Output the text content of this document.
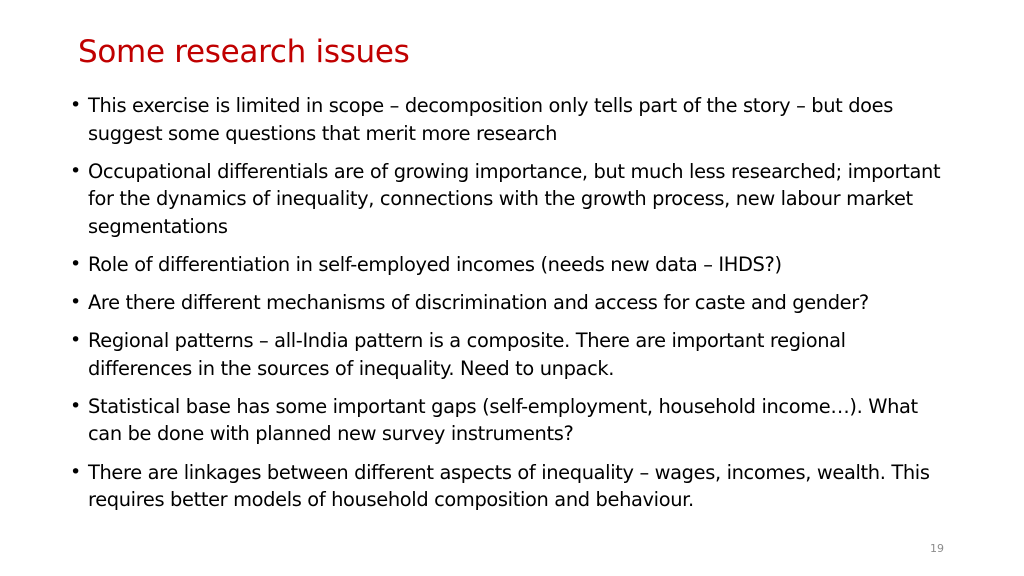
Some research issues
• This exercise is limited in scope – decomposition only tells part of the story – but does suggest some questions that merit more research
• Occupational differentials are of growing importance, but much less researched; important for the dynamics of inequality, connections with the growth process, new labour market segmentations
• Role of differentiation in self-employed incomes (needs new data – IHDS?)
• Are there different mechanisms of discrimination and access for caste and gender?
• Regional patterns – all-India pattern is a composite. There are important regional differences in the sources of inequality. Need to unpack.
• Statistical base has some important gaps (self-employment, household income…). What can be done with planned new survey instruments?
• There are linkages between different aspects of inequality – wages, incomes, wealth. This requires better models of household composition and behaviour.
19
